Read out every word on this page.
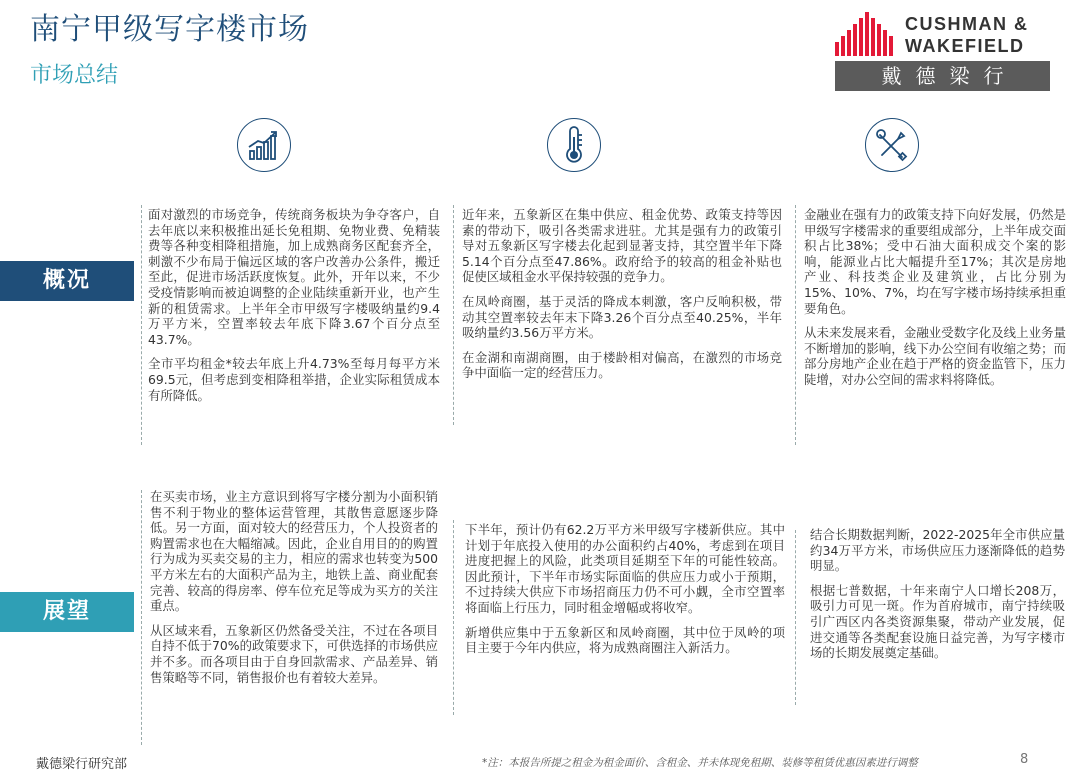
南宁甲级写字楼市场
市场总结
CUSHMAN &
WAKEFIELD
戴德梁行
概况
展望

面对激烈的市场竞争，传统商务板块为争夺客户，自去年底以来积极推出延长免租期、免物业费、免精装费等各种变相降租措施，加上成熟商务区配套齐全，刺激不少布局于偏远区域的客户改善办公条件，搬迁至此，促进市场活跃度恢复。此外，开年以来，不少受疫情影响而被迫调整的企业陆续重新开业，也产生新的租赁需求。上半年全市甲级写字楼吸纳量约9.4万平方米，空置率较去年底下降3.67个百分点至43.7%。

全市平均租金*较去年底上升4.73%至每月每平方米69.5元，但考虑到变相降租举措，企业实际租赁成本有所降低。

近年来，五象新区在集中供应、租金优势、政策支持等因素的带动下，吸引各类需求进驻。尤其是强有力的政策引导对五象新区写字楼去化起到显著支持，其空置半年下降5.14个百分点至47.86%。政府给予的较高的租金补贴也促使区域租金水平保持较强的竞争力。

在凤岭商圈，基于灵活的降成本刺激，客户反响积极，带动其空置率较去年末下降3.26个百分点至40.25%，半年吸纳量约3.56万平方米。

在金湖和南湖商圈，由于楼龄相对偏高，在激烈的市场竞争中面临一定的经营压力。

金融业在强有力的政策支持下向好发展，仍然是甲级写字楼需求的重要组成部分，上半年成交面积占比38%；受中石油大面积成交个案的影响，能源业占比大幅提升至17%；其次是房地产业、科技类企业及建筑业，占比分别为15%、10%、7%，均在写字楼市场持续承担重要角色。

从未来发展来看，金融业受数字化及线上业务量不断增加的影响，线下办公空间有收缩之势；而部分房地产企业在趋于严格的资金监管下，压力陡增，对办公空间的需求料将降低。

在买卖市场，业主方意识到将写字楼分割为小面积销售不利于物业的整体运营管理，其散售意愿逐步降低。另一方面，面对较大的经营压力，个人投资者的购置需求也在大幅缩减。因此，企业自用目的的购置行为成为买卖交易的主力，相应的需求也转变为500平方米左右的大面积产品为主，地铁上盖、商业配套完善、较高的得房率、停车位充足等成为买方的关注重点。

从区域来看，五象新区仍然备受关注，不过在各项目自持不低于70%的政策要求下，可供选择的市场供应并不多。而各项目由于自身回款需求、产品差异、销售策略等不同，销售报价也有着较大差异。

下半年，预计仍有62.2万平方米甲级写字楼新供应。其中计划于年底投入使用的办公面积约占40%，考虑到在项目进度把握上的风险，此类项目延期至下年的可能性较高。因此预计，下半年市场实际面临的供应压力或小于预期，不过持续大供应下市场招商压力仍不可小觑，全市空置率将面临上行压力，同时租金增幅或将收窄。

新增供应集中于五象新区和凤岭商圈，其中位于凤岭的项目主要于今年内供应，将为成熟商圈注入新活力。

结合长期数据判断，2022-2025年全市供应量约34万平方米，市场供应压力逐渐降低的趋势明显。

根据七普数据，十年来南宁人口增长208万，吸引力可见一斑。作为首府城市，南宁持续吸引广西区内各类资源集聚，带动产业发展，促进交通等各类配套设施日益完善，为写字楼市场的长期发展奠定基础。

戴德梁行研究部	*注：本报告所提之租金为租金面价、含租金、并未体现免租期、装修等租赁优惠因素进行调整	8
